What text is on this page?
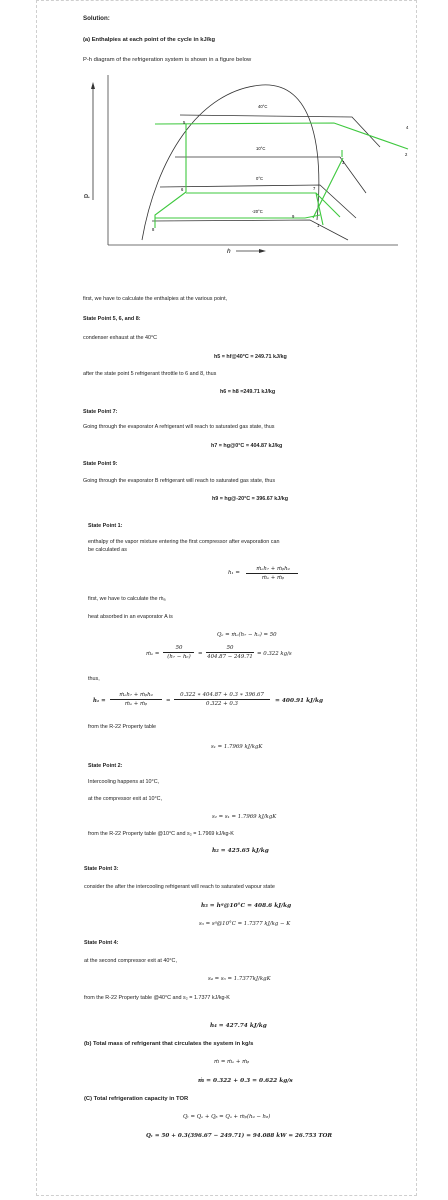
Solution:
(a) Enthalpies at each point of the cycle in kJ/kg
P-h diagram of the refrigeration system is shown in a figure below
p
40°C
10°C
0°C
-20°C
1
2
3
4
5
6	7
8
9
h
first, we have to calculate the enthalpies at the various point,
State Point 5, 6, and 8:
condenser exhaust at the 40°C
h5 = hf@40°C = 249.71 kJ/kg
after the state point 5 refrigerant throttle to 6 and 8, thus
h6 = h8 =249.71 kJ/kg
State Point 7:
Going through the evaporator A refrigerant will reach to saturated gas state, thus
h7 = hg@0°C = 404.87 kJ/kg
State Point 9:
Going through the evaporator B refrigerant will reach to saturated gas state, thus
h9 = hg@-20°C = 396.67 kJ/kg
State Point 1:
enthalpy of the vapor mixture entering the first compressor after evaporation can
be calculated as
h₁ =
ṁₐh₇ + ṁᵦh₉
ṁₐ + ṁᵦ
first, we have to calculate the ṁₐ
heat absorbed in an evaporator A is
Qₐ = ṁₐ(h₇ − hₐ) = 50
ṁₐ =
50
(h₇ − h₆)	=
50
404.87 − 249.71 = 0.322 kg/s
thus,
h₁ =
ṁₐh₇ + ṁᵦh₉
ṁₐ + ṁᵦ	=
0.322 ∗ 404.87 + 0.3 ∗ 396.67
0.322 + 0.3	= 400.91 kJ/kg
from the R-22 Property table
s₁ = 1.7969 kJ/kgK
State Point 2:
Intercooling happens at 10°C,
at the compressor exit at 10°C,
s₂ = s₁ = 1.7969 kJ/kgK
from the R-22 Property table @10°C and s₂ = 1.7969 kJ/kg-K
h₂ = 425.65 kJ/kg
State Point 3:
consider the after the intercooling refrigerant will reach to saturated vapour state
h₃ = hᵍ@10°C = 408.6 kJ/kg
s₃ = sᵍ@10°C = 1.7377 kJ/kg − K
State Point 4:
at the second compressor exit at 40°C,
s₄ = s₃ = 1.7377kJ/kgK
from the R-22 Property table @40°C and s₂ = 1.7377 kJ/kg-K
h₄ = 427.74 kJ/kg
(b) Total mass of refrigerant that circulates the system in kg/s
ṁ = ṁₐ + ṁᵦ
ṁ = 0.322 + 0.3 = 0.622 kg/s
(C) Total refrigeration capacity in TOR
Qₜ = Qₐ + Qᵦ = Qₐ + ṁᵦ(h₉ − h₈)
Qₜ = 50 + 0.3(396.67 − 249.71) = 94.088 kW = 26.753 TOR
